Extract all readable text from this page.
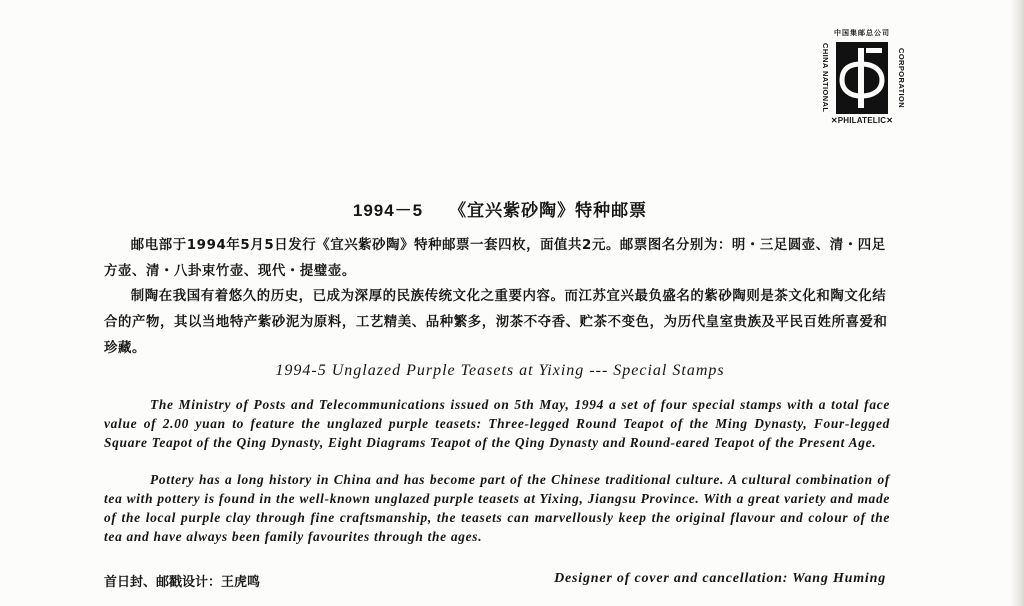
中国集邮总公司
CHINA NATIONAL	CORPORATION
✕PHILATELIC✕
1994－5 《宜兴紫砂陶》特种邮票

邮电部于1994年5月5日发行《宜兴紫砂陶》特种邮票一套四枚，面值共2元。邮票图名分别为：明・三足圆壶、清・四足方壶、清・八卦束竹壶、现代・提璧壶。

制陶在我国有着悠久的历史，已成为深厚的民族传统文化之重要内容。而江苏宜兴最负盛名的紫砂陶则是茶文化和陶文化结合的产物，其以当地特产紫砂泥为原料，工艺精美、品种繁多，沏茶不夺香、贮茶不变色，为历代皇室贵族及平民百姓所喜爱和珍藏。

1994-5 Unglazed Purple Teasets at Yixing --- Special Stamps

The Ministry of Posts and Telecommunications issued on 5th May, 1994 a set of four special stamps with a total face value of 2.00 yuan to feature the unglazed purple teasets: Three-legged Round Teapot of the Ming Dynasty, Four-legged Square Teapot of the Qing Dynasty, Eight Diagrams Teapot of the Qing Dynasty and Round-eared Teapot of the Present Age.

Pottery has a long history in China and has become part of the Chinese traditional culture. A cultural combination of tea with pottery is found in the well-known unglazed purple teasets at Yixing, Jiangsu Province. With a great variety and made of the local purple clay through fine craftsmanship, the teasets can marvellously keep the original flavour and colour of the tea and have always been family favourites through the ages.

首日封、邮戳设计：王虎鸣	Designer of cover and cancellation: Wang Huming
